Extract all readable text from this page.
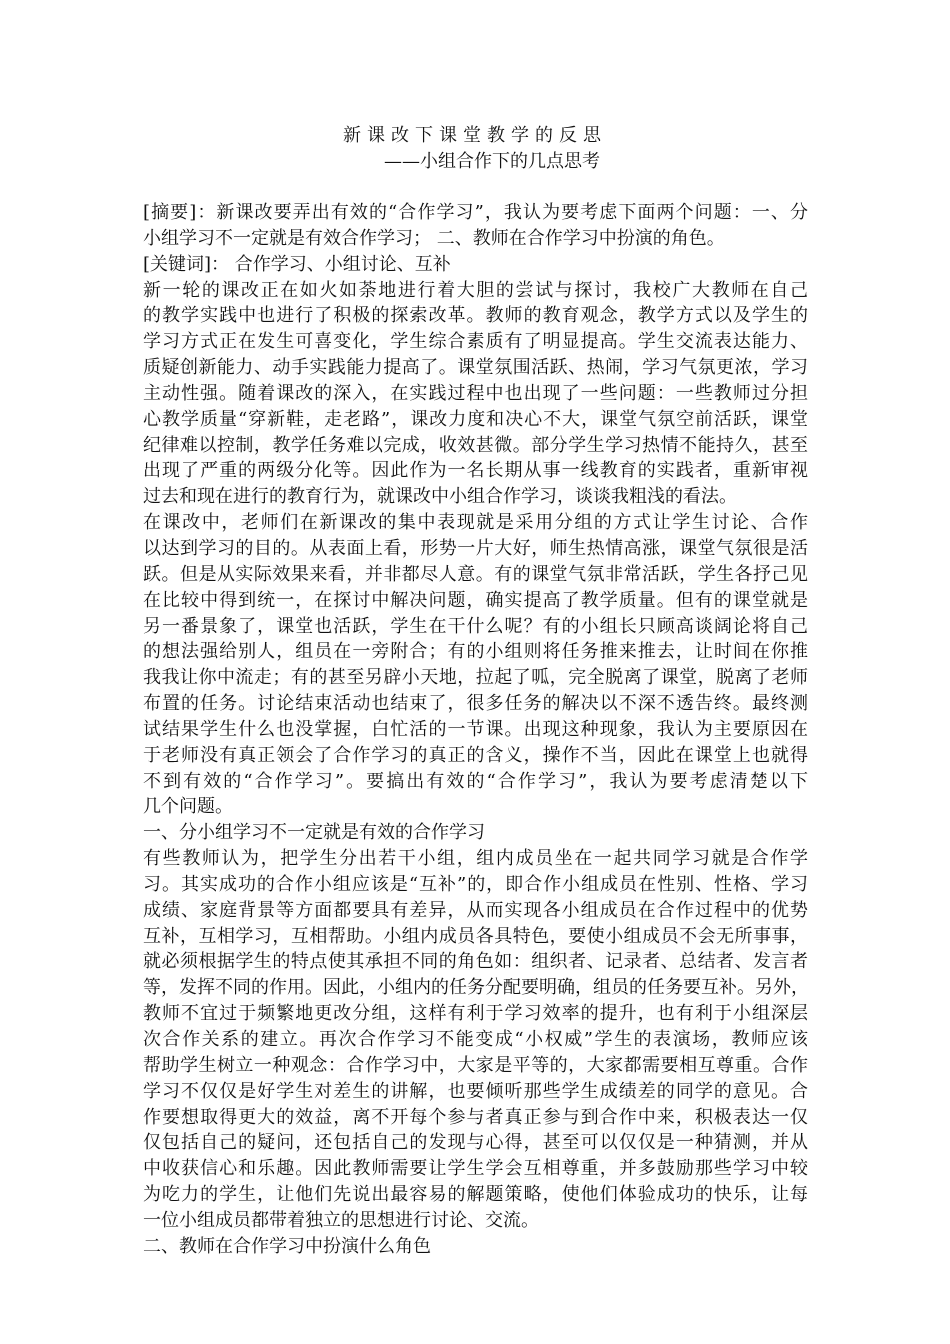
新课改下课堂教学的反思
——小组合作下的几点思考
[摘要]：新课改要弄出有效的“合作学习”，我认为要考虑下面两个问题：一、分
小组学习不一定就是有效合作学习； 二、教师在合作学习中扮演的角色。
[关键词]： 合作学习、小组讨论、互补
新一轮的课改正在如火如荼地进行着大胆的尝试与探讨，我校广大教师在自己
的教学实践中也进行了积极的探索改革。教师的教育观念，教学方式以及学生的
学习方式正在发生可喜变化，学生综合素质有了明显提高。学生交流表达能力、
质疑创新能力、动手实践能力提高了。课堂氛围活跃、热闹，学习气氛更浓，学习
主动性强。随着课改的深入，在实践过程中也出现了一些问题：一些教师过分担
心教学质量“穿新鞋，走老路”，课改力度和决心不大，课堂气氛空前活跃，课堂
纪律难以控制，教学任务难以完成，收效甚微。部分学生学习热情不能持久，甚至
出现了严重的两级分化等。因此作为一名长期从事一线教育的实践者，重新审视
过去和现在进行的教育行为，就课改中小组合作学习，谈谈我粗浅的看法。
在课改中，老师们在新课改的集中表现就是采用分组的方式让学生讨论、合作
以达到学习的目的。从表面上看，形势一片大好，师生热情高涨，课堂气氛很是活
跃。但是从实际效果来看，并非都尽人意。有的课堂气氛非常活跃，学生各抒己见
在比较中得到统一，在探讨中解决问题，确实提高了教学质量。但有的课堂就是
另一番景象了，课堂也活跃，学生在干什么呢？有的小组长只顾高谈阔论将自己
的想法强给别人，组员在一旁附合；有的小组则将任务推来推去，让时间在你推
我我让你中流走；有的甚至另辟小天地，拉起了呱，完全脱离了课堂，脱离了老师
布置的任务。讨论结束活动也结束了，很多任务的解决以不深不透告终。最终测
试结果学生什么也没掌握，白忙活的一节课。出现这种现象，我认为主要原因在
于老师没有真正领会了合作学习的真正的含义，操作不当，因此在课堂上也就得
不到有效的“合作学习”。要搞出有效的“合作学习”，我认为要考虑清楚以下
几个问题。
一、分小组学习不一定就是有效的合作学习
有些教师认为，把学生分出若干小组，组内成员坐在一起共同学习就是合作学
习。其实成功的合作小组应该是“互补”的，即合作小组成员在性别、性格、学习
成绩、家庭背景等方面都要具有差异，从而实现各小组成员在合作过程中的优势
互补，互相学习，互相帮助。小组内成员各具特色，要使小组成员不会无所事事，
就必须根据学生的特点使其承担不同的角色如：组织者、记录者、总结者、发言者
等，发挥不同的作用。因此，小组内的任务分配要明确，组员的任务要互补。另外，
教师不宜过于频繁地更改分组，这样有利于学习效率的提升，也有利于小组深层
次合作关系的建立。再次合作学习不能变成“小权威”学生的表演场，教师应该
帮助学生树立一种观念：合作学习中，大家是平等的，大家都需要相互尊重。合作
学习不仅仅是好学生对差生的讲解，也要倾听那些学生成绩差的同学的意见。合
作要想取得更大的效益，离不开每个参与者真正参与到合作中来，积极表达一仅
仅包括自己的疑问，还包括自己的发现与心得，甚至可以仅仅是一种猜测，并从
中收获信心和乐趣。因此教师需要让学生学会互相尊重，并多鼓励那些学习中较
为吃力的学生，让他们先说出最容易的解题策略，使他们体验成功的快乐，让每
一位小组成员都带着独立的思想进行讨论、交流。
二、教师在合作学习中扮演什么角色
